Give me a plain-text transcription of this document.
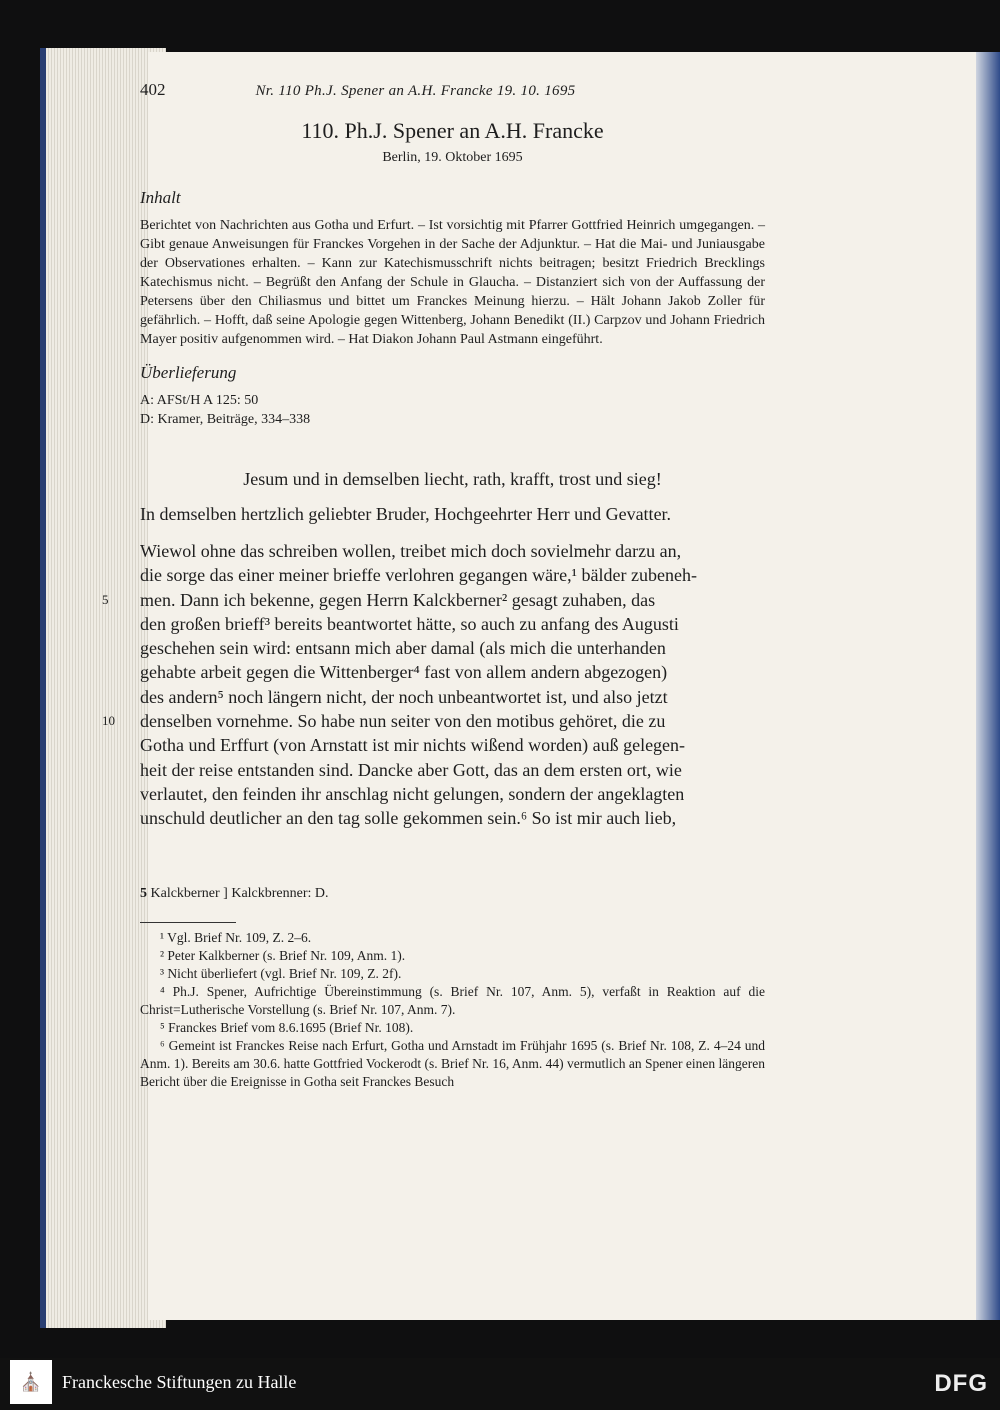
402	Nr. 110 Ph.J. Spener an A.H. Francke 19. 10. 1695
110. Ph.J. Spener an A.H. Francke
Berlin, 19. Oktober 1695
Inhalt
Berichtet von Nachrichten aus Gotha und Erfurt. – Ist vorsichtig mit Pfarrer Gottfried Heinrich umgegangen. – Gibt genaue Anweisungen für Franckes Vorgehen in der Sache der Adjunktur. – Hat die Mai- und Juniausgabe der Observationes erhalten. – Kann zur Katechismusschrift nichts beitragen; besitzt Friedrich Brecklings Katechismus nicht. – Begrüßt den Anfang der Schule in Glaucha. – Distanziert sich von der Auffassung der Petersens über den Chiliasmus und bittet um Franckes Meinung hierzu. – Hält Johann Jakob Zoller für gefährlich. – Hofft, daß seine Apologie gegen Wittenberg, Johann Benedikt (II.) Carpzov und Johann Friedrich Mayer positiv aufgenommen wird. – Hat Diakon Johann Paul Astmann eingeführt.
Überlieferung
A: AFSt/H A 125: 50
D: Kramer, Beiträge, 334–338
Jesum und in demselben liecht, rath, krafft, trost und sieg!
In demselben hertzlich geliebter Bruder, Hochgeehrter Herr und Gevatter.
Wiewol ohne das schreiben wollen, treibet mich doch sovielmehr darzu an,
die sorge das einer meiner brieffe verlohren gegangen wäre,¹ bälder zubeneh-
5 men. Dann ich bekenne, gegen Herrn Kalckberner² gesagt zuhaben, das
den großen brieff³ bereits beantwortet hätte, so auch zu anfang des Augusti
geschehen sein wird: entsann mich aber damal (als mich die unterhanden
gehabte arbeit gegen die Wittenberger⁴ fast von allem andern abgezogen)
des andern⁵ noch längern nicht, der noch unbeantwortet ist, und also jetzt
10 denselben vornehme. So habe nun seiter von den motibus gehöret, die zu
Gotha und Erffurt (von Arnstatt ist mir nichts wißend worden) auß gelegen-
heit der reise entstanden sind. Dancke aber Gott, das an dem ersten ort, wie
verlautet, den feinden ihr anschlag nicht gelungen, sondern der angeklagten
unschuld deutlicher an den tag solle gekommen sein.⁶ So ist mir auch lieb,
5 Kalckberner ] Kalckbrenner: D.
¹ Vgl. Brief Nr. 109, Z. 2–6.
² Peter Kalkberner (s. Brief Nr. 109, Anm. 1).
³ Nicht überliefert (vgl. Brief Nr. 109, Z. 2f).
⁴ Ph.J. Spener, Aufrichtige Übereinstimmung (s. Brief Nr. 107, Anm. 5), verfaßt in Reaktion auf die Christ=Lutherische Vorstellung (s. Brief Nr. 107, Anm. 7).
⁵ Franckes Brief vom 8.6.1695 (Brief Nr. 108).
⁶ Gemeint ist Franckes Reise nach Erfurt, Gotha und Arnstadt im Frühjahr 1695 (s. Brief Nr. 108, Z. 4–24 und Anm. 1). Bereits am 30.6. hatte Gottfried Vockerodt (s. Brief Nr. 16, Anm. 44) vermutlich an Spener einen längeren Bericht über die Ereignisse in Gotha seit Franckes Besuch
⛪	Franckesche Stiftungen zu Halle	DFG
